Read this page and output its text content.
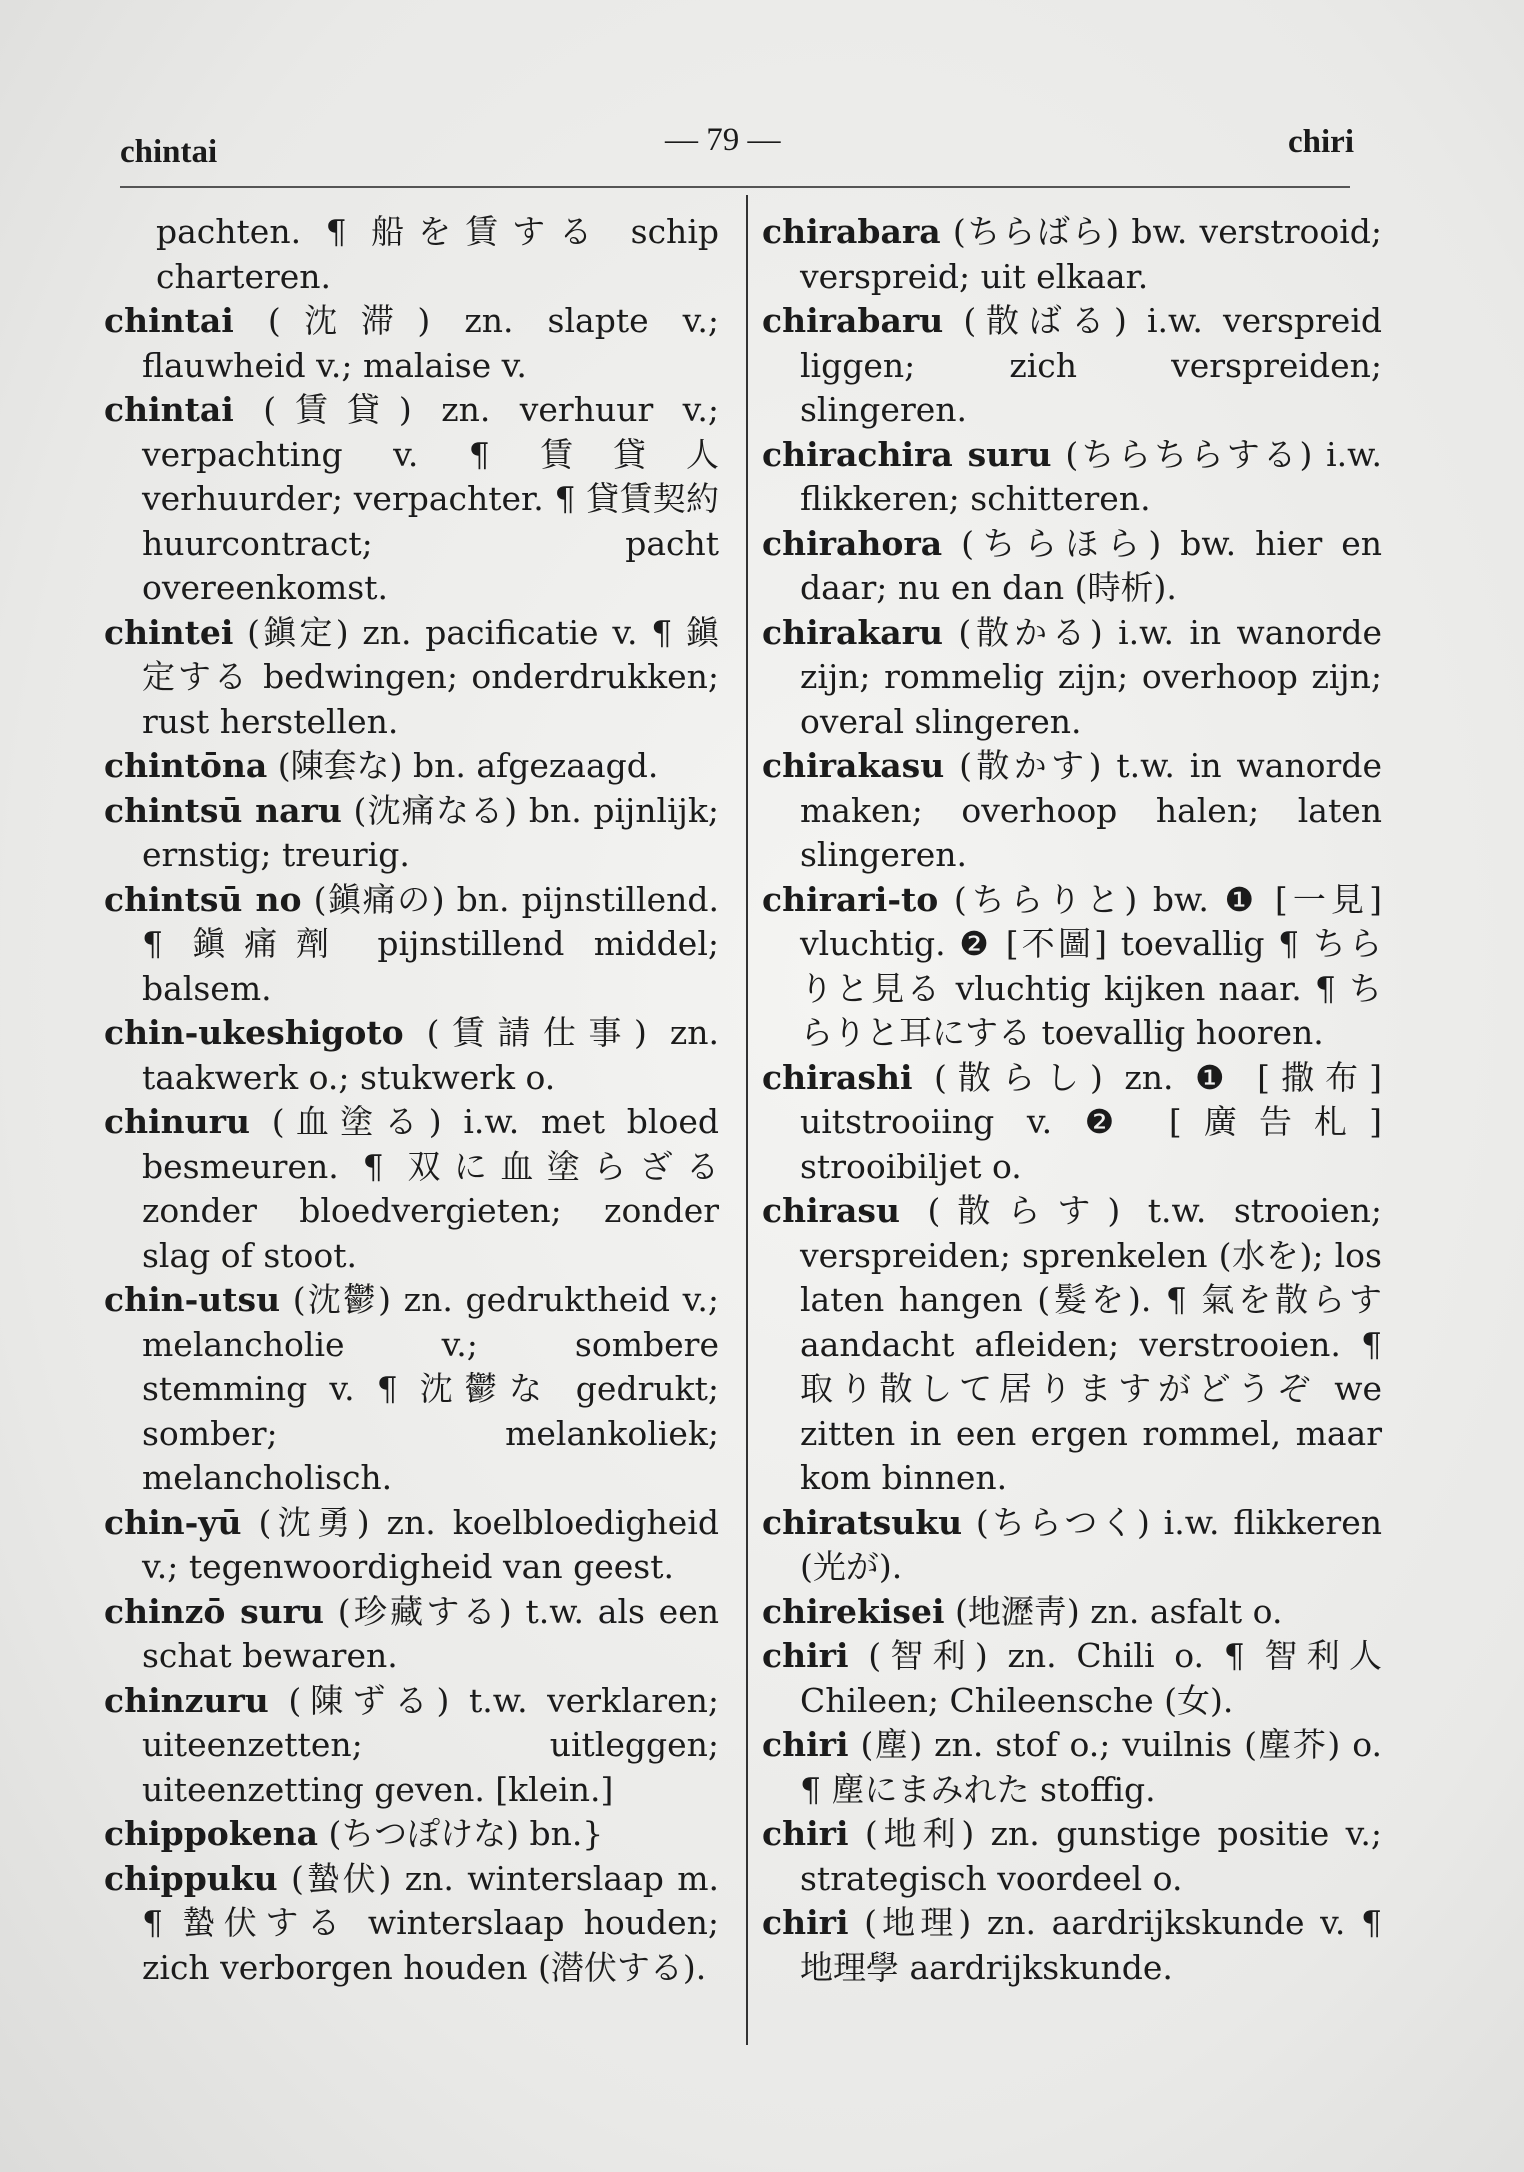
chintai	— 79 —	chiri

pachten. ¶ 船を賃する schip charteren.

chintai (沈滞) zn. slapte v.; flauwheid v.; malaise v.

chintai (賃貸) zn. verhuur v.; verpachting v. ¶ 賃貸人 verhuurder; verpachter. ¶ 貸賃契約 huurcontract; pacht overeenkomst.

chintei (鎭定) zn. pacificatie v. ¶ 鎭定する bedwingen; onderdrukken; rust herstellen.

chintōna (陳套な) bn. afgezaagd.

chintsū naru (沈痛なる) bn. pijnlijk; ernstig; treurig.

chintsū no (鎭痛の) bn. pijnstillend. ¶ 鎭痛劑 pijnstillend middel; balsem.

chin-ukeshigoto (賃請仕事) zn. taakwerk o.; stukwerk o.

chinuru (血塗る) i.w. met bloed besmeuren. ¶ 双に血塗らざる zonder bloedvergieten; zonder slag of stoot.

chin-utsu (沈鬱) zn. gedruktheid v.; melancholie v.; sombere stemming v. ¶ 沈鬱な gedrukt; somber; melankoliek; melancholisch.

chin-yū (沈勇) zn. koelbloedigheid v.; tegenwoordigheid van geest.

chinzō suru (珍藏する) t.w. als een schat bewaren.

chinzuru (陳ずる) t.w. verklaren; uiteenzetten; uitleggen; uiteenzetting geven. [klein.]

chippokena (ちつぽけな) bn.}

chippuku (蟄伏) zn. winterslaap m. ¶ 蟄伏する winterslaap houden; zich verborgen houden (潜伏する).

chirabara (ちらばら) bw. verstrooid; verspreid; uit elkaar.

chirabaru (散ばる) i.w. verspreid liggen; zich verspreiden; slingeren.

chirachira suru (ちらちらする) i.w. flikkeren; schitteren.

chirahora (ちらほら) bw. hier en daar; nu en dan (時析).

chirakaru (散かる) i.w. in wanorde zijn; rommelig zijn; overhoop zijn; overal slingeren.

chirakasu (散かす) t.w. in wanorde maken; overhoop halen; laten slingeren.

chirari-to (ちらりと) bw. ❶ [一見] vluchtig. ❷ [不圖] toevallig ¶ ちらりと見る vluchtig kijken naar. ¶ ちらりと耳にする toevallig hooren.

chirashi (散らし) zn. ❶ [撒布] uitstrooiing v. ❷ [廣告札] strooibiljet o.

chirasu (散らす) t.w. strooien; verspreiden; sprenkelen (水を); los laten hangen (髮を). ¶ 氣を散らす aandacht afleiden; verstrooien. ¶ 取り散して居りますがどうぞ we zitten in een ergen rommel, maar kom binnen.

chiratsuku (ちらつく) i.w. flikkeren (光が).

chirekisei (地瀝靑) zn. asfalt o.

chiri (智利) zn. Chili o. ¶ 智利人 Chileen; Chileensche (女).

chiri (塵) zn. stof o.; vuilnis (塵芥) o. ¶ 塵にまみれた stoffig.

chiri (地利) zn. gunstige positie v.; strategisch voordeel o.

chiri (地理) zn. aardrijkskunde v. ¶ 地理學 aardrijkskunde.
